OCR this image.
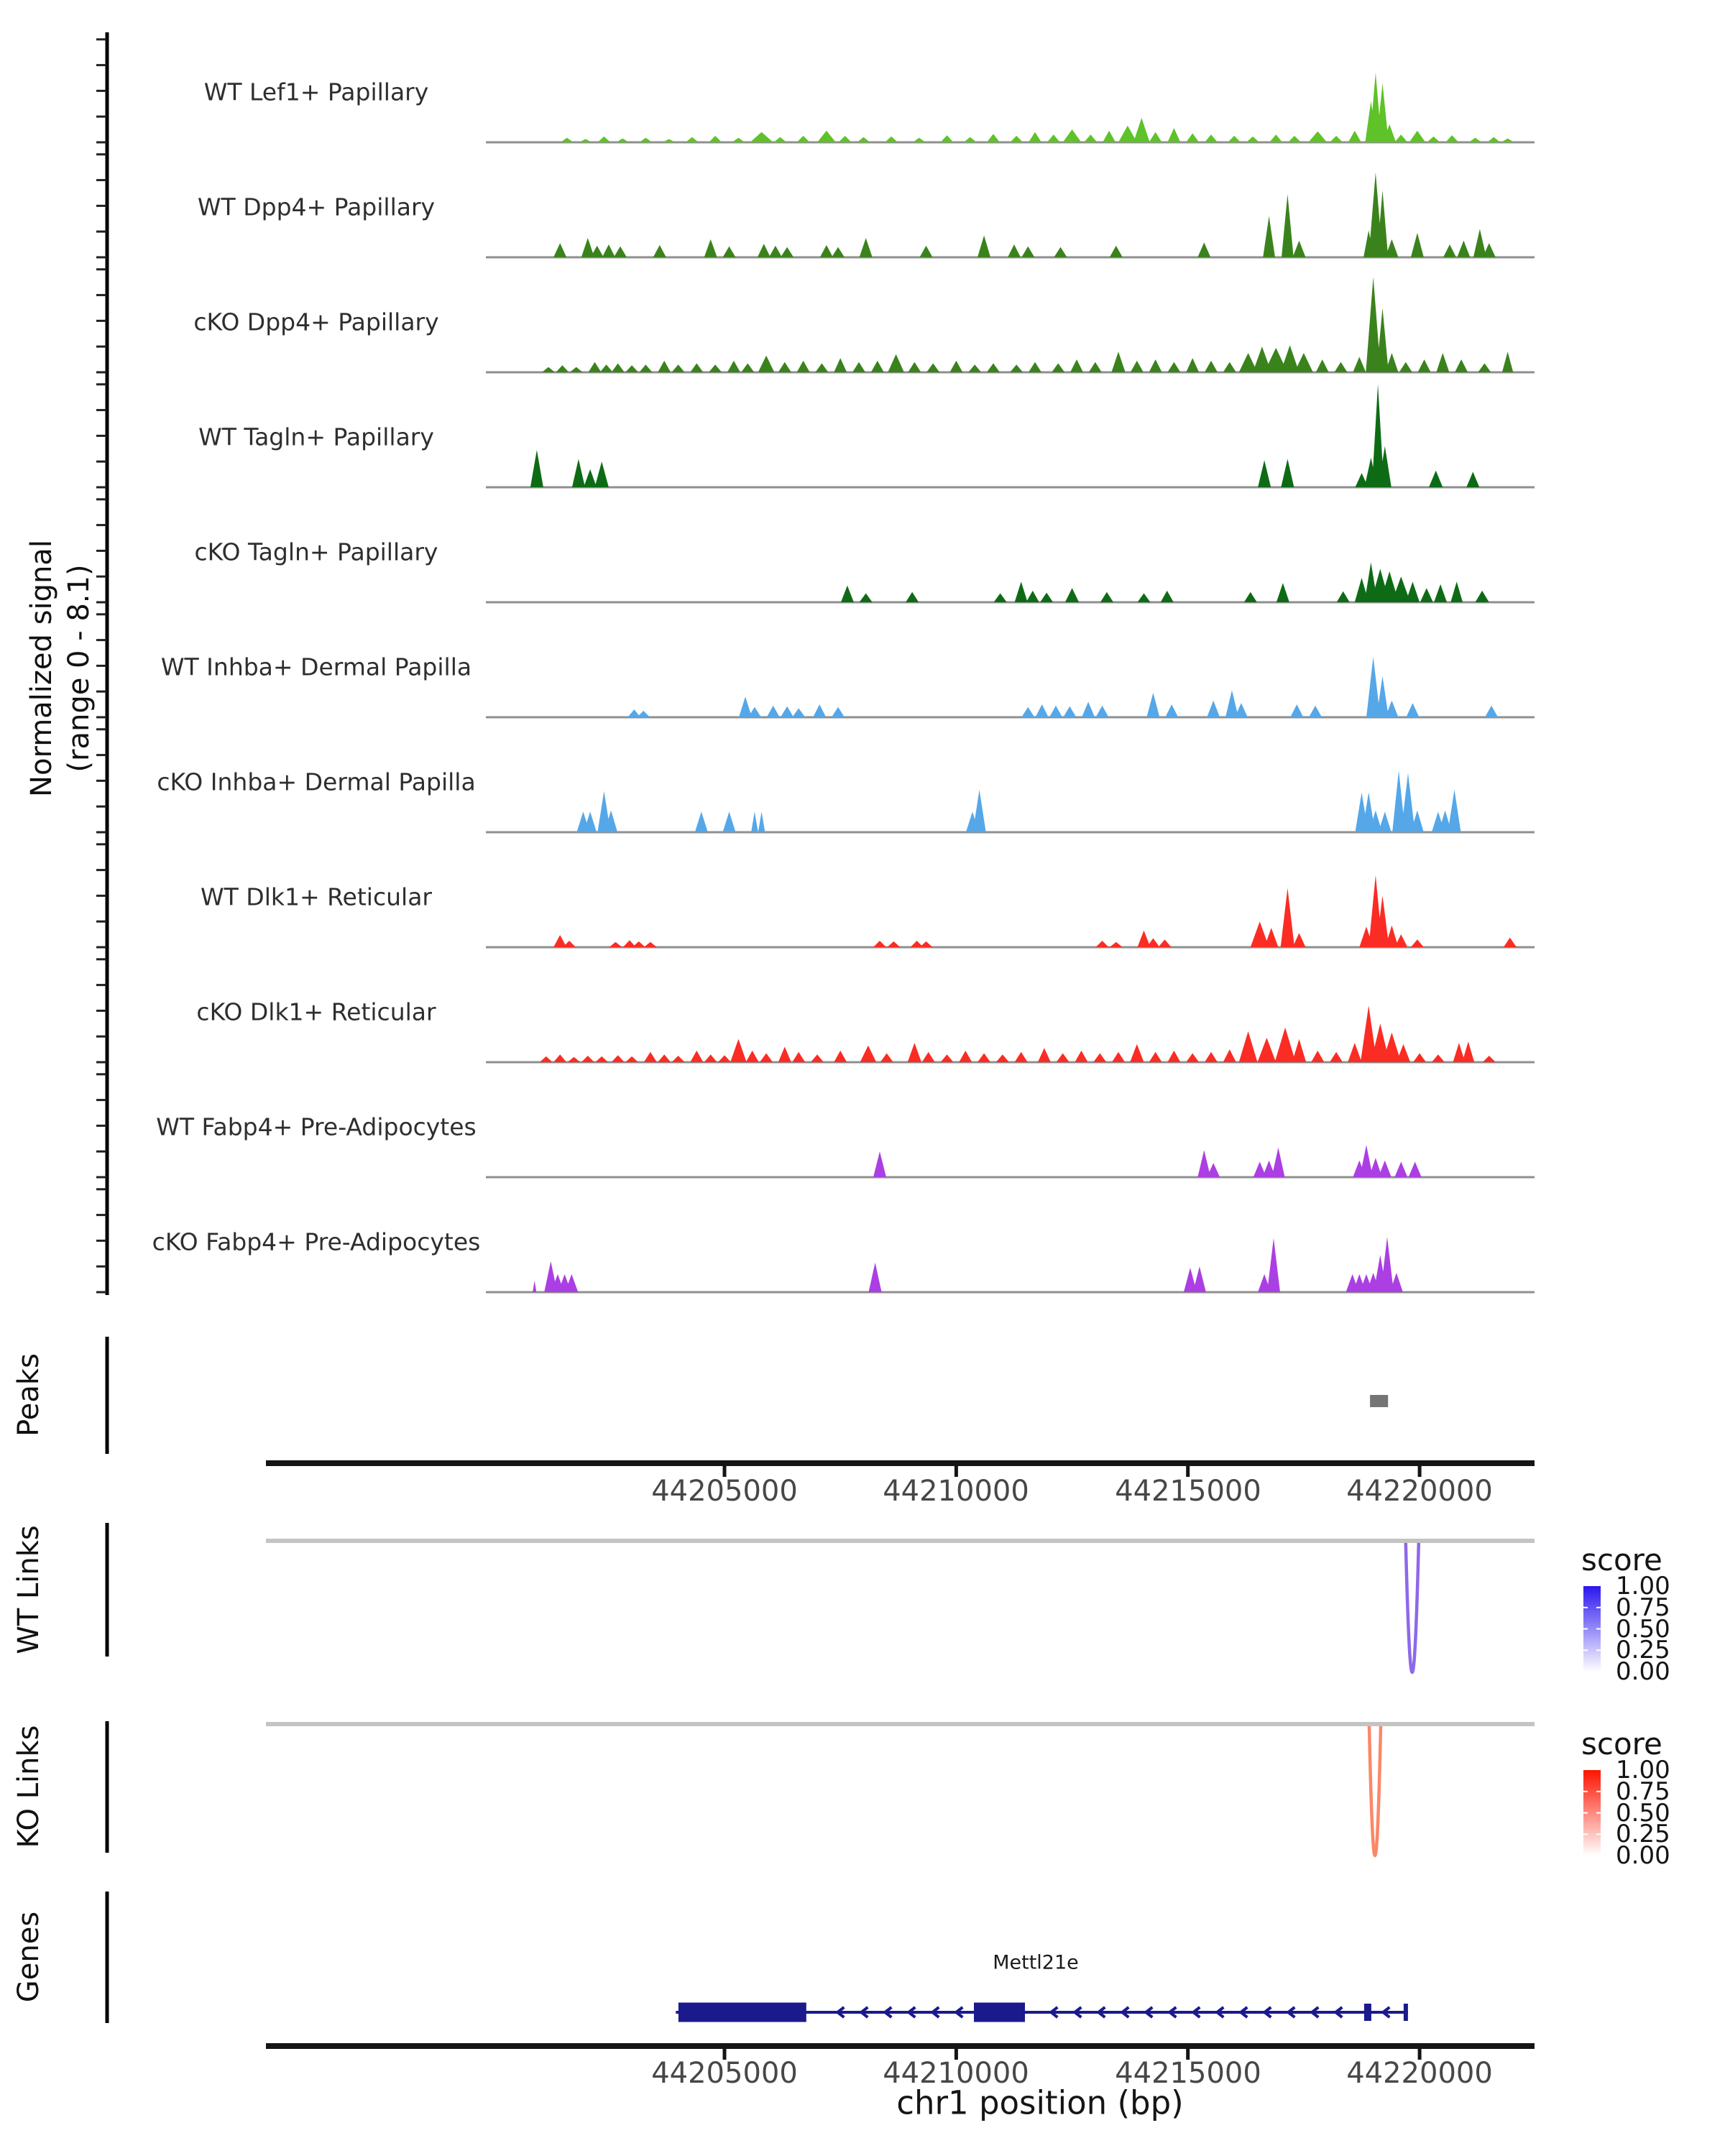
Normalized signal (range 0 - 8.1)
Peaks
WT Links
KO Links
Genes
score
score
Mettl21e
chr1 position (bp)
WT Lef1+ Papillary
WT Dpp4+ Papillary
cKO Dpp4+ Papillary
WT Tagln+ Papillary
cKO Tagln+ Papillary
WT Inhba+ Dermal Papilla
cKO Inhba+ Dermal Papilla
WT Dlk1+ Reticular
cKO Dlk1+ Reticular
WT Fabp4+ Pre-Adipocytes
cKO Fabp4+ Pre-Adipocytes
44205000	44210000	44215000	44220000
44205000	44210000	44215000	44220000
1.00
0.75
0.50
0.25
0.00
1.00
0.75
0.50
0.25
0.00
